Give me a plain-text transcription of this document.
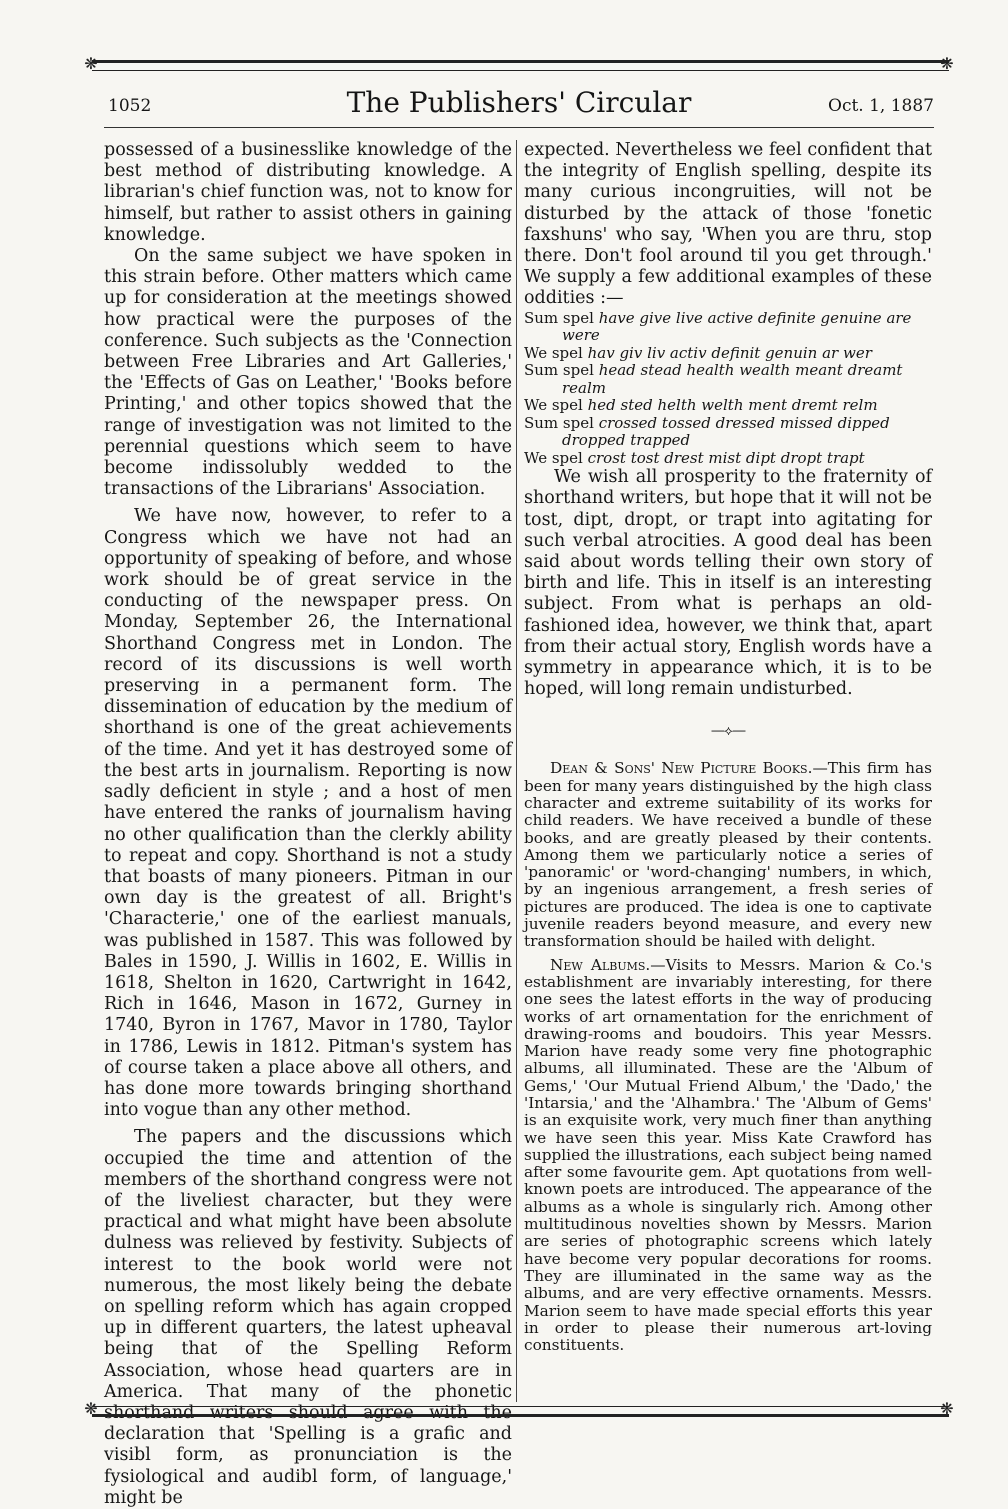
❋	❋
1052	The Publishers' Circular	Oct. 1, 1887

possessed of a businesslike knowledge of the best method of distributing knowledge. A librarian's chief function was, not to know for himself, but rather to assist others in gaining knowledge.

On the same subject we have spoken in this strain before. Other matters which came up for consideration at the meetings showed how practical were the purposes of the conference. Such subjects as the 'Connection between Free Libraries and Art Galleries,' the 'Effects of Gas on Leather,' 'Books before Printing,' and other topics showed that the range of investigation was not limited to the perennial questions which seem to have become indissolubly wedded to the transactions of the Librarians' Association.

We have now, however, to refer to a Congress which we have not had an opportunity of speaking of before, and whose work should be of great service in the conducting of the newspaper press. On Monday, September 26, the International Shorthand Congress met in London. The record of its discussions is well worth preserving in a permanent form. The dissemination of education by the medium of shorthand is one of the great achievements of the time. And yet it has destroyed some of the best arts in journalism. Reporting is now sadly deficient in style ; and a host of men have entered the ranks of journalism having no other qualification than the clerkly ability to repeat and copy. Shorthand is not a study that boasts of many pioneers. Pitman in our own day is the greatest of all. Bright's 'Characterie,' one of the earliest manuals, was published in 1587. This was followed by Bales in 1590, J. Willis in 1602, E. Willis in 1618, Shelton in 1620, Cartwright in 1642, Rich in 1646, Mason in 1672, Gurney in 1740, Byron in 1767, Mavor in 1780, Taylor in 1786, Lewis in 1812. Pitman's system has of course taken a place above all others, and has done more towards bringing shorthand into vogue than any other method.

The papers and the discussions which occupied the time and attention of the members of the shorthand congress were not of the liveliest character, but they were practical and what might have been absolute dulness was relieved by festivity. Subjects of interest to the book world were not numerous, the most likely being the debate on spelling reform which has again cropped up in different quarters, the latest upheaval being that of the Spelling Reform Association, whose head quarters are in America. That many of the phonetic shorthand writers should agree with the declaration that 'Spelling is a grafic and visibl form, as pronunciation is the fysiological and audibl form, of language,' might be

expected. Nevertheless we feel confident that the integrity of English spelling, despite its many curious incongruities, will not be disturbed by the attack of those 'fonetic faxshuns' who say, 'When you are thru, stop there. Don't fool around til you get through.' We supply a few additional examples of these oddities :—

Sum spel have give live active definite genuine are were

We spel hav giv liv activ definit genuin ar wer

Sum spel head stead health wealth meant dreamt realm

We spel hed sted helth welth ment dremt relm

Sum spel crossed tossed dressed missed dipped dropped trapped

We spel crost tost drest mist dipt dropt trapt

We wish all prosperity to the fraternity of shorthand writers, but hope that it will not be tost, dipt, dropt, or trapt into agitating for such verbal atrocities. A good deal has been said about words telling their own story of birth and life. This in itself is an interesting subject. From what is perhaps an old-fashioned idea, however, we think that, apart from their actual story, English words have a symmetry in appearance which, it is to be hoped, will long remain undisturbed.

—⟡—

Dean & Sons' New Picture Books.—This firm has been for many years distinguished by the high class character and extreme suitability of its works for child readers. We have received a bundle of these books, and are greatly pleased by their contents. Among them we particularly notice a series of 'panoramic' or 'word-changing' numbers, in which, by an ingenious arrangement, a fresh series of pictures are produced. The idea is one to captivate juvenile readers beyond measure, and every new transformation should be hailed with delight.

New Albums.—Visits to Messrs. Marion & Co.'s establishment are invariably interesting, for there one sees the latest efforts in the way of producing works of art ornamentation for the enrichment of drawing-rooms and boudoirs. This year Messrs. Marion have ready some very fine photographic albums, all illuminated. These are the 'Album of Gems,' 'Our Mutual Friend Album,' the 'Dado,' the 'Intarsia,' and the 'Alhambra.' The 'Album of Gems' is an exquisite work, very much finer than anything we have seen this year. Miss Kate Crawford has supplied the illustrations, each subject being named after some favourite gem. Apt quotations from well-known poets are introduced. The appearance of the albums as a whole is singularly rich. Among other multitudinous novelties shown by Messrs. Marion are series of photographic screens which lately have become very popular decorations for rooms. They are illuminated in the same way as the albums, and are very effective ornaments. Messrs. Marion seem to have made special efforts this year in order to please their numerous art-loving constituents.

❋	❋
